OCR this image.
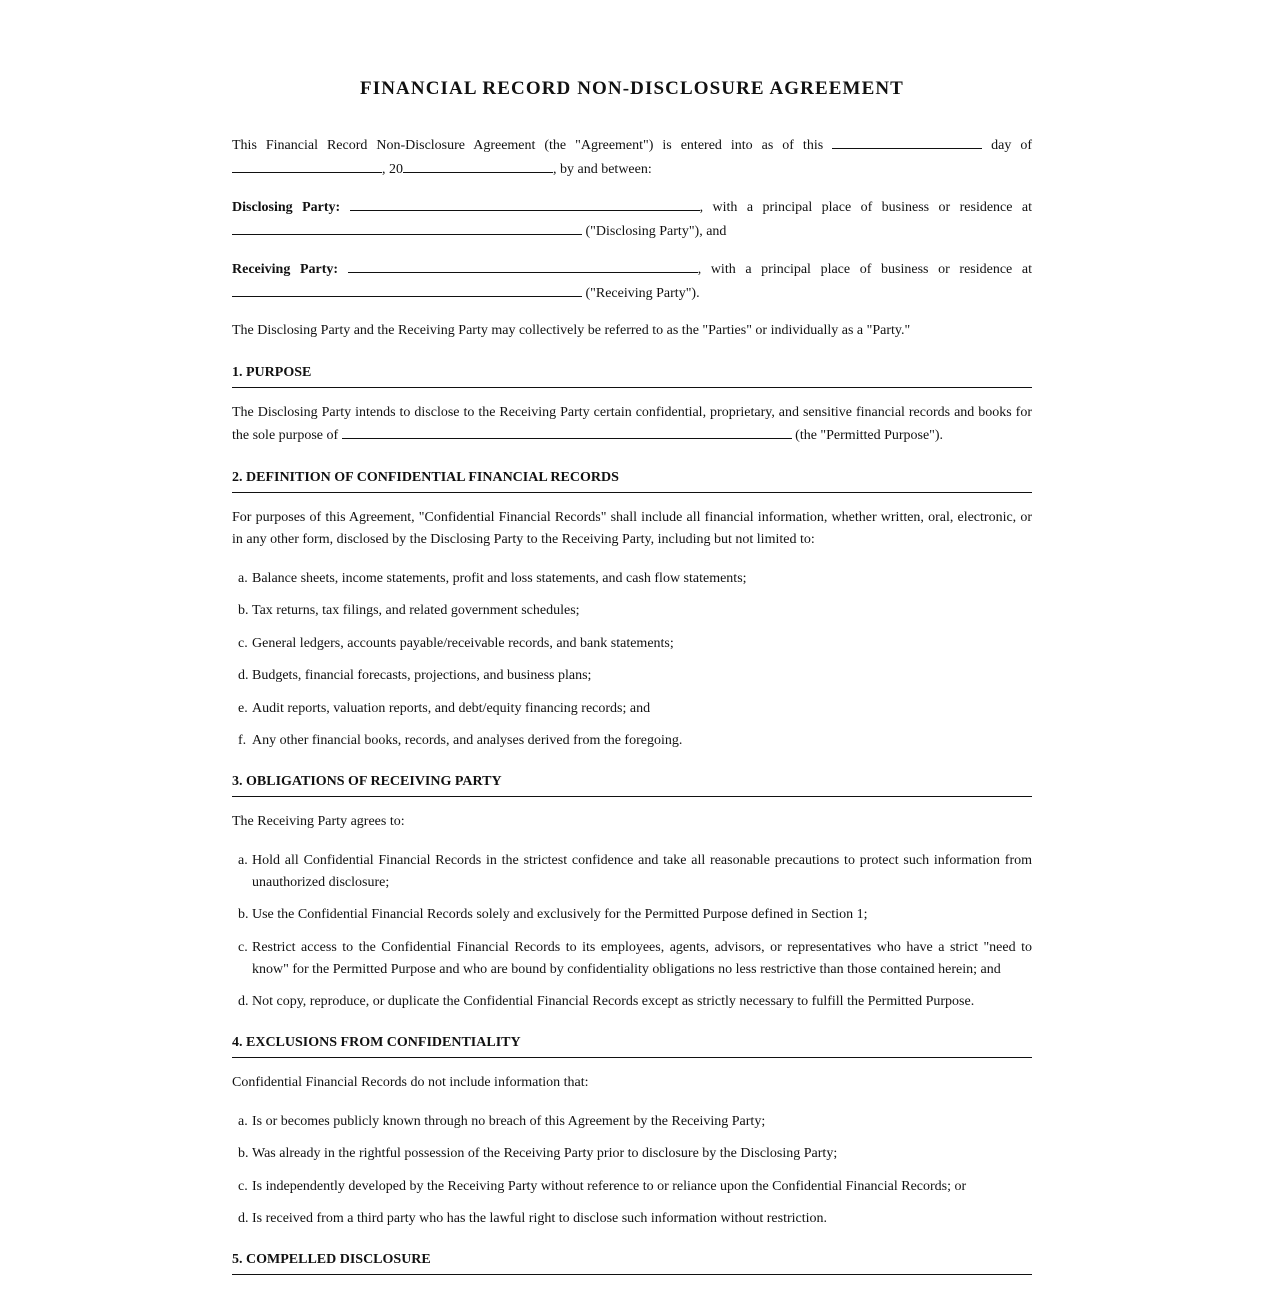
FINANCIAL RECORD NON-DISCLOSURE AGREEMENT

This Financial Record Non-Disclosure Agreement (the "Agreement") is entered into as of this	day of , 20	, by and between:

Disclosing Party:	, with a principal place of business or residence at  ("Disclosing Party"), and

Receiving Party:	, with a principal place of business or residence at  ("Receiving Party").

The Disclosing Party and the Receiving Party may collectively be referred to as the "Parties" or individually as a "Party."

1. PURPOSE

The Disclosing Party intends to disclose to the Receiving Party certain confidential, proprietary, and sensitive financial records and books for the sole purpose of	(the "Permitted Purpose").

2. DEFINITION OF CONFIDENTIAL FINANCIAL RECORDS

For purposes of this Agreement, "Confidential Financial Records" shall include all financial information, whether written, oral, electronic, or in any other form, disclosed by the Disclosing Party to the Receiving Party, including but not limited to:

a. Balance sheets, income statements, profit and loss statements, and cash flow statements;
b. Tax returns, tax filings, and related government schedules;
c. General ledgers, accounts payable/receivable records, and bank statements;
d. Budgets, financial forecasts, projections, and business plans;
e. Audit reports, valuation reports, and debt/equity financing records; and
f. Any other financial books, records, and analyses derived from the foregoing.
3. OBLIGATIONS OF RECEIVING PARTY

The Receiving Party agrees to:

a. Hold all Confidential Financial Records in the strictest confidence and take all reasonable precautions to protect such information from unauthorized disclosure;
b. Use the Confidential Financial Records solely and exclusively for the Permitted Purpose defined in Section 1;
c. Restrict access to the Confidential Financial Records to its employees, agents, advisors, or representatives who have a strict "need to know" for the Permitted Purpose and who are bound by confidentiality obligations no less restrictive than those contained herein; and
d. Not copy, reproduce, or duplicate the Confidential Financial Records except as strictly necessary to fulfill the Permitted Purpose.
4. EXCLUSIONS FROM CONFIDENTIALITY

Confidential Financial Records do not include information that:

a. Is or becomes publicly known through no breach of this Agreement by the Receiving Party;
b. Was already in the rightful possession of the Receiving Party prior to disclosure by the Disclosing Party;
c. Is independently developed by the Receiving Party without reference to or reliance upon the Confidential Financial Records; or
d. Is received from a third party who has the lawful right to disclose such information without restriction.
5. COMPELLED DISCLOSURE
